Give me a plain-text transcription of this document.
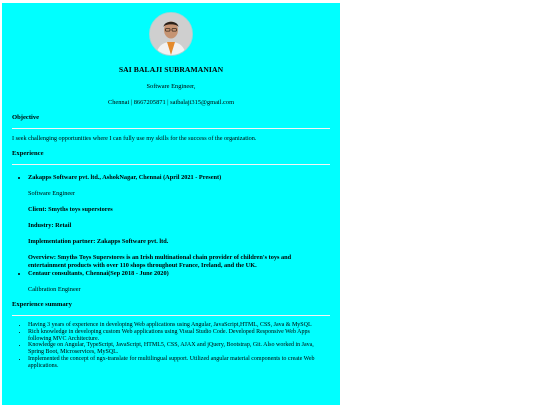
SAI BALAJI SUBRAMANIAN
Software Engineer,
Chennai | 8667205871 | saibalaji315@gmail.com
Objective
I seek challenging opportunities where I can fully use my skills for the success of the organization.
Experience
• Zakapps Software pvt. ltd., AshokNagar, Chennai (April 2021 - Present)
Software Engineer
Client: Smyths toys superstores
Industry: Retail
Implementation partner: Zakapps Software pvt. ltd.
Overview: Smyths Toys Superstores is an Irish multinational chain provider of children's toys and entertainment products with over 110 shops throughout France, Ireland, and the UK.
• Centaur consultants, Chennai(Sep 2018 - June 2020)
Calibration Engineer
Experience summary
• Having 3 years of experience in developing Web applications using Angular, JavaScript,HTML, CSS, Java & MySQL
• Rich knowledge in developing custom Web applications using Visual Studio Code. Developed Responsive Web Apps following MVC Architecture.
• Knowledge on Angular, TypeScript, JavaScript, HTML5, CSS, AJAX and jQuery, Bootstrap, Git. Also worked in Java, Spring Boot, Microservices, MySQL.
• Implemented the concept of ngx-translate for multilingual support. Utilized angular material components to create Web applications.
